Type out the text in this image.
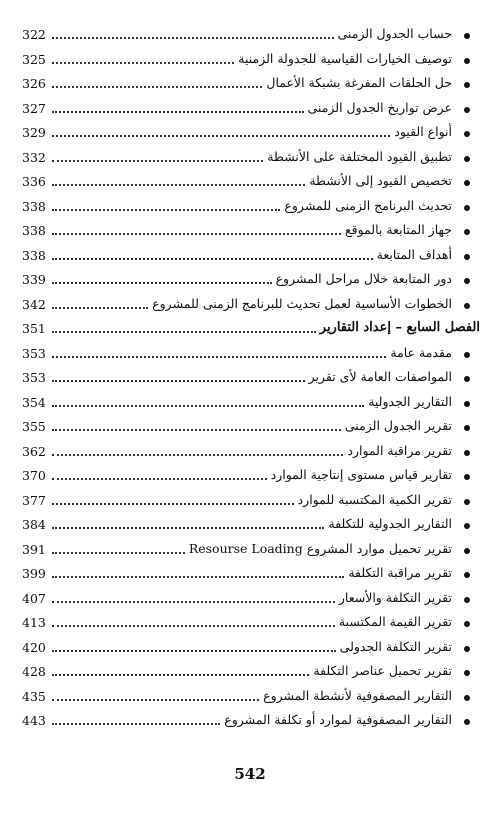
322	حساب الجدول الزمنى
325	توصيف الخيارات القياسية للجدولة الزمنية
326	حل الحلقات المفرغة بشبكة الأعمال
327	عرض تواريخ الجدول الزمنى
329	أنواع القيود
332	تطبيق القيود المختلفة على الأنشطة
336	تخصيص القيود إلى الأنشطة
338	تحديث البرنامج الزمنى للمشروع
338	جهاز المتابعة بالموقع
338	أهداف المتابعة
339	دور المتابعة خلال مراحل المشروع
342	الخطوات الأساسية لعمل تحديث للبرنامج الزمنى للمشروع
351	الفصل السابع – إعداد التقارير
353	مقدمة عامة
353	المواصفات العامة لأى تقرير
354	التقارير الجدولية
355	تقرير الجدول الزمنى
362	تقرير مراقبة الموارد
370	تقارير قياس مستوى إنتاجية الموارد
377	تقرير الكمية المكتسبة للموارد
384	التقارير الجدولية للتكلفة
391	تقرير تحميل موارد المشروع Resourse Loading
399	تقرير مراقبة التكلفة
407	تقرير التكلفة والأسعار
413	تقرير القيمة المكتسبة
420	تقرير التكلفة الجدولى
428	تقرير تحميل عناصر التكلفة
435	التقارير المصفوفية لأنشطة المشروع
443	التقارير المصفوفية لموارد أو تكلفة المشروع
542
